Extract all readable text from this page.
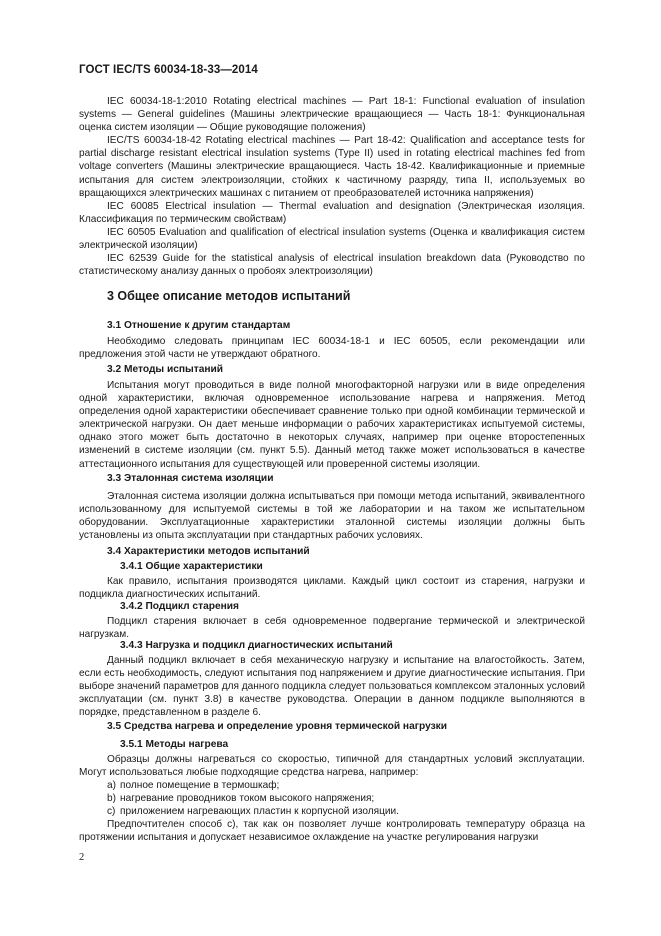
ГОСТ IEC/TS 60034-18-33—2014

IEC 60034-18-1:2010 Rotating electrical machines — Part 18-1: Functional evaluation of insulation systems — General guidelines (Машины электрические вращающиеся — Часть 18-1: Функциональная оценка систем изоляции — Общие руководящие положения)

IEC/TS 60034-18-42 Rotating electrical machines — Part 18-42: Qualification and acceptance tests for partial discharge resistant electrical insulation systems (Type II) used in rotating electrical machines fed from voltage converters (Машины электрические вращающиеся. Часть 18-42. Квалификационные и приемные испытания для систем электроизоляции, стойких к частичному разряду, типа II, используемых во вращающихся электрических машинах с питанием от преобразователей источника напряжения)

IEC 60085 Electrical insulation — Thermal evaluation and designation (Электрическая изоляция. Классификация по термическим свойствам)

IEC 60505 Evaluation and qualification of electrical insulation systems (Оценка и квалификация систем электрической изоляции)

IEC 62539 Guide for the statistical analysis of electrical insulation breakdown data (Руководство по статистическому анализу данных о пробоях электроизоляции)

3 Общее описание методов испытаний
3.1 Отношение к другим стандартам

Необходимо следовать принципам IEC 60034-18-1 и IEC 60505, если рекомендации или предложения этой части не утверждают обратного.

3.2 Методы испытаний

Испытания могут проводиться в виде полной многофакторной нагрузки или в виде определения одной характеристики, включая одновременное использование нагрева и напряжения. Метод определения одной характеристики обеспечивает сравнение только при одной комбинации термической и электрической нагрузки. Он дает меньше информации о рабочих характеристиках испытуемой системы, однако этого может быть достаточно в некоторых случаях, например при оценке второстепенных изменений в системе изоляции (см. пункт 5.5). Данный метод также может использоваться в качестве аттестационного испытания для существующей или проверенной системы изоляции.

3.3 Эталонная система изоляции

Эталонная система изоляции должна испытываться при помощи метода испытаний, эквивалентного использованному для испытуемой системы в той же лаборатории и на таком же испытательном оборудовании. Эксплуатационные характеристики эталонной системы изоляции должны быть установлены из опыта эксплуатации при стандартных рабочих условиях.

3.4 Характеристики методов испытаний
3.4.1 Общие характеристики

Как правило, испытания производятся циклами. Каждый цикл состоит из старения, нагрузки и подцикла диагностических испытаний.

3.4.2 Подцикл старения

Подцикл старения включает в себя одновременное подвергание термической и электрической нагрузкам.

3.4.3 Нагрузка и подцикл диагностических испытаний

Данный подцикл включает в себя механическую нагрузку и испытание на влагостойкость. Затем, если есть необходимость, следуют испытания под напряжением и другие диагностические испытания. При выборе значений параметров для данного подцикла следует пользоваться комплексом эталонных условий эксплуатации (см. пункт 3.8) в качестве руководства. Операции в данном подцикле выполняются в порядке, представленном в разделе 6.

3.5 Средства нагрева и определение уровня термической нагрузки
3.5.1 Методы нагрева

Образцы должны нагреваться со скоростью, типичной для стандартных условий эксплуатации. Могут использоваться любые подходящие средства нагрева, например:

a) полное помещение в термошкаф;
b) нагревание проводников током высокого напряжения;
c) приложением нагревающих пластин к корпусной изоляции.

Предпочтителен способ c), так как он позволяет лучше контролировать температуру образца на протяжении испытания и допускает независимое охлаждение на участке регулирования нагрузки

2
